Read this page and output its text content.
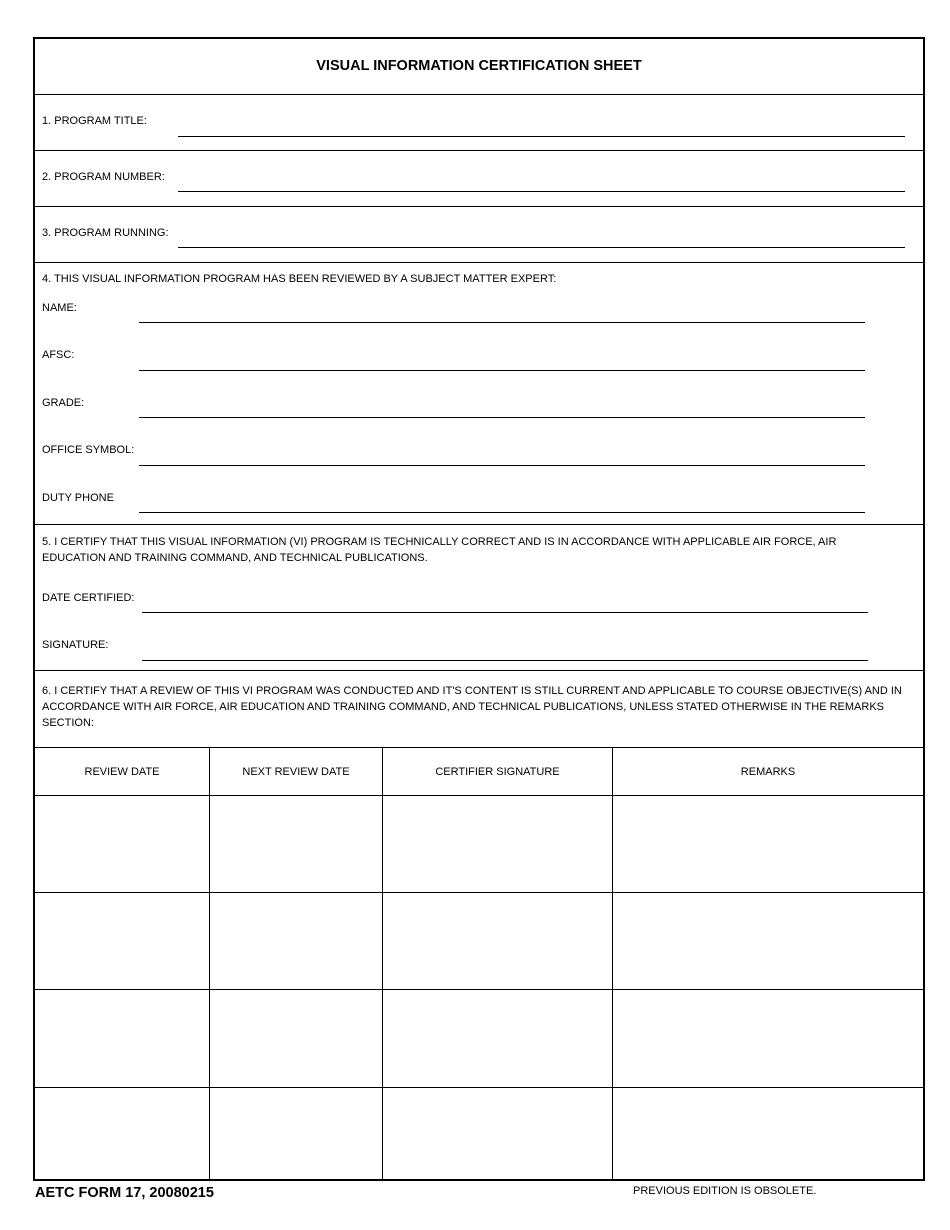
VISUAL INFORMATION CERTIFICATION SHEET
1. PROGRAM TITLE:
2. PROGRAM NUMBER:
3. PROGRAM RUNNING:
4. THIS VISUAL INFORMATION PROGRAM HAS BEEN REVIEWED BY A SUBJECT MATTER EXPERT:
NAME:
AFSC:
GRADE:
OFFICE SYMBOL:
DUTY PHONE
5. I CERTIFY THAT THIS VISUAL INFORMATION (VI) PROGRAM IS TECHNICALLY CORRECT AND IS IN ACCORDANCE WITH APPLICABLE AIR FORCE, AIR EDUCATION AND TRAINING COMMAND, AND TECHNICAL PUBLICATIONS.
DATE CERTIFIED:
SIGNATURE:
6. I CERTIFY THAT A REVIEW OF THIS VI PROGRAM WAS CONDUCTED AND IT'S CONTENT IS STILL CURRENT AND APPLICABLE TO COURSE OBJECTIVE(S) AND IN ACCORDANCE WITH AIR FORCE, AIR EDUCATION AND TRAINING COMMAND, AND TECHNICAL PUBLICATIONS, UNLESS STATED OTHERWISE IN THE REMARKS SECTION:
REVIEW DATE	NEXT REVIEW DATE	CERTIFIER SIGNATURE	REMARKS
AETC FORM 17, 20080215	PREVIOUS EDITION IS OBSOLETE.
